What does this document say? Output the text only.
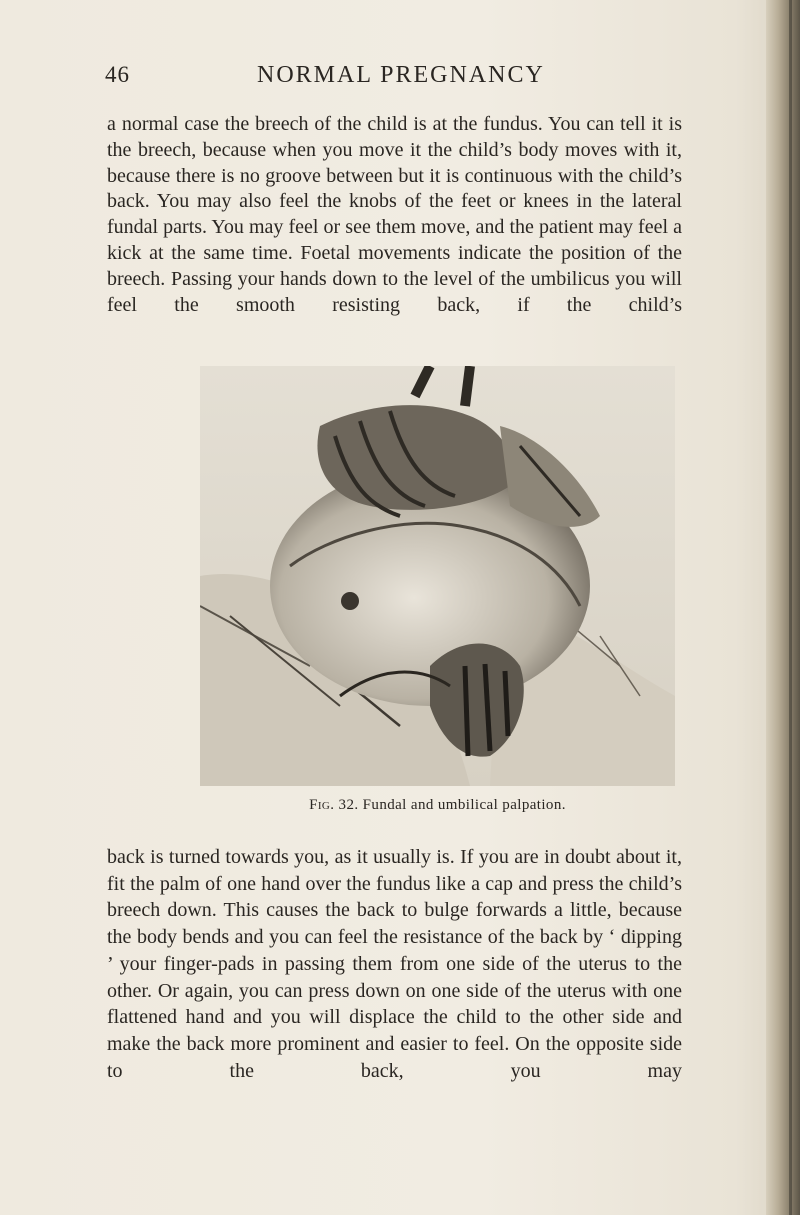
46	NORMAL PREGNANCY

a normal case the breech of the child is at the fundus. You can tell it is the breech, because when you move it the child’s body moves with it, because there is no groove between but it is continuous with the child’s back. You may also feel the knobs of the feet or knees in the lateral fundal parts. You may feel or see them move, and the patient may feel a kick at the same time. Foetal movements indicate the position of the breech. Passing your hands down to the level of the umbilicus you will feel the smooth resisting back, if the child’s

Fig. 32. Fundal and umbilical palpation.

back is turned towards you, as it usually is. If you are in doubt about it, fit the palm of one hand over the fundus like a cap and press the child’s breech down. This causes the back to bulge forwards a little, because the body bends and you can feel the resistance of the back by ‘ dipping ’ your finger-pads in passing them from one side of the uterus to the other. Or again, you can press down on one side of the uterus with one flattened hand and you will displace the child to the other side and make the back more prominent and easier to feel. On the opposite side to the back, you may
